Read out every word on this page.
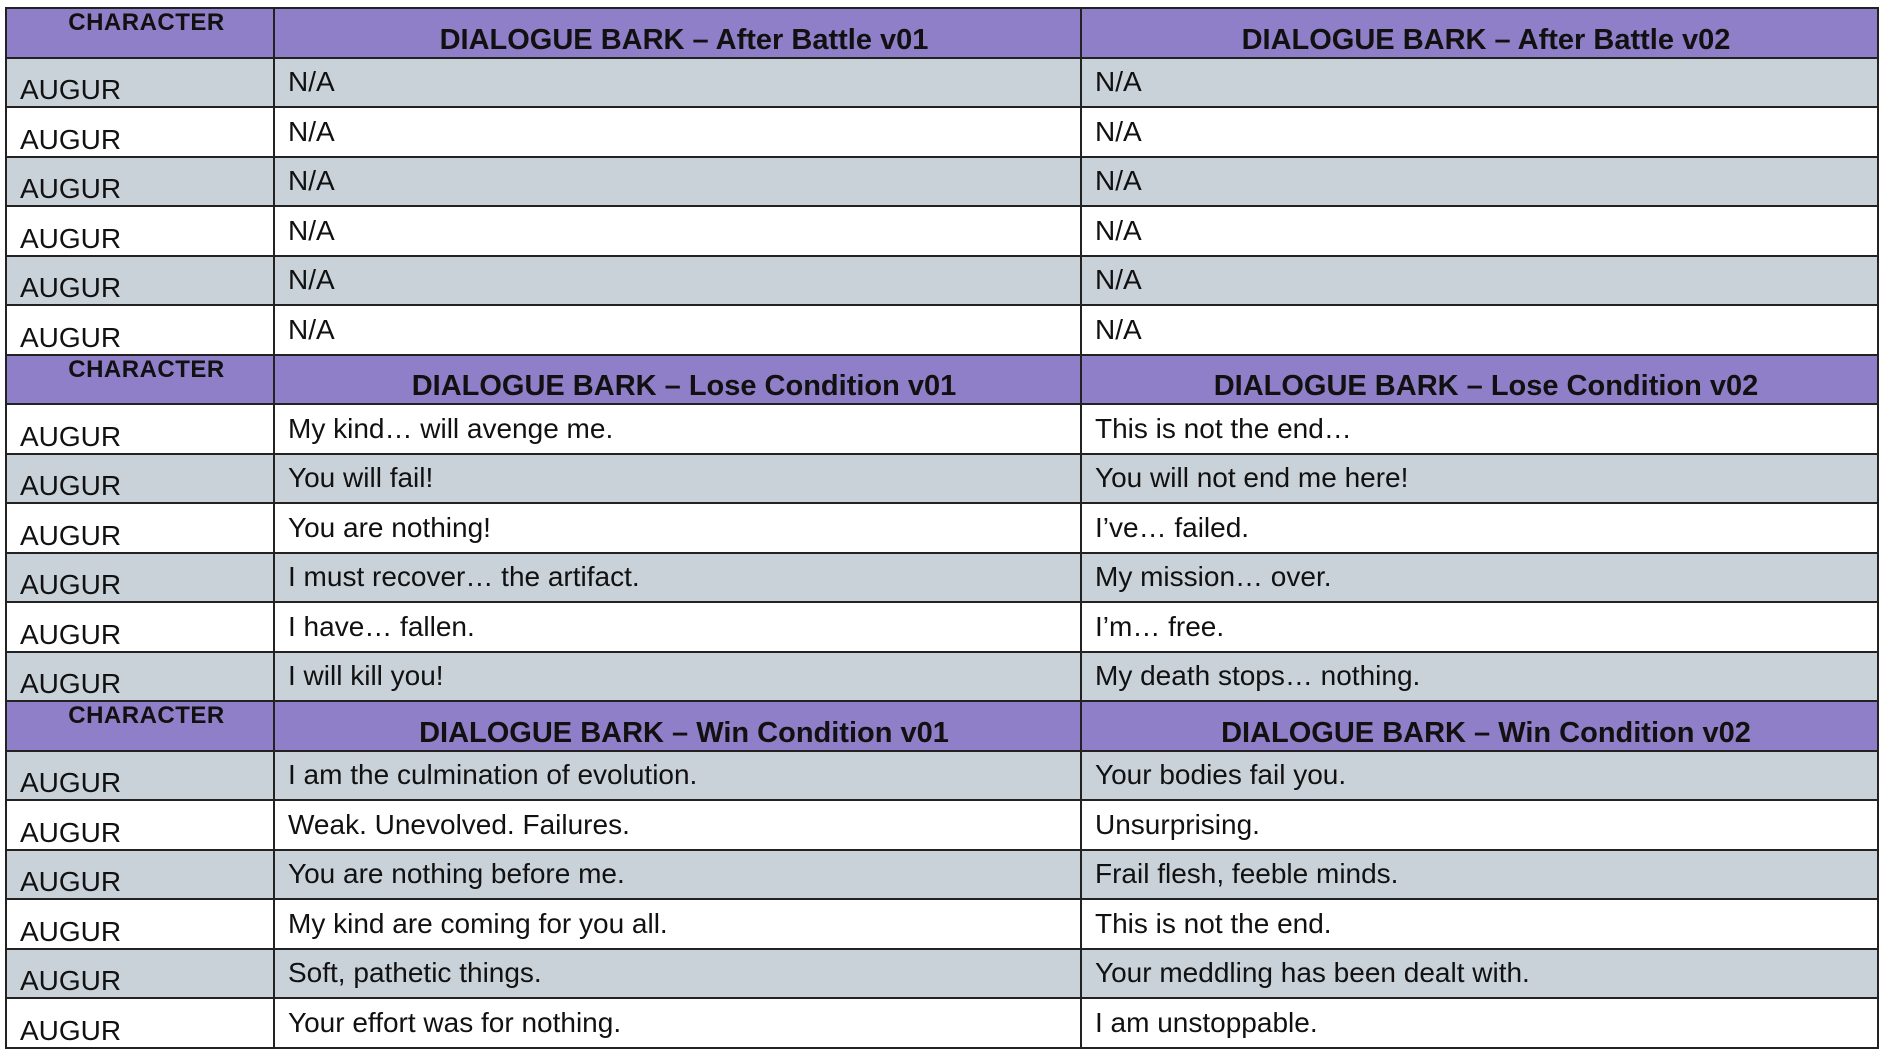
CHARACTER	DIALOGUE BARK – After Battle v01	DIALOGUE BARK – After Battle v02
AUGUR	N/A	N/A
AUGUR	N/A	N/A
AUGUR	N/A	N/A
AUGUR	N/A	N/A
AUGUR	N/A	N/A
AUGUR	N/A	N/A
CHARACTER	DIALOGUE BARK – Lose Condition v01	DIALOGUE BARK – Lose Condition v02
AUGUR	My kind… will avenge me.	This is not the end…
AUGUR	You will fail!	You will not end me here!
AUGUR	You are nothing!	I’ve… failed.
AUGUR	I must recover… the artifact.	My mission… over.
AUGUR	I have… fallen.	I’m… free.
AUGUR	I will kill you!	My death stops… nothing.
CHARACTER	DIALOGUE BARK – Win Condition v01	DIALOGUE BARK – Win Condition v02
AUGUR	I am the culmination of evolution.	Your bodies fail you.
AUGUR	Weak. Unevolved. Failures.	Unsurprising.
AUGUR	You are nothing before me.	Frail flesh, feeble minds.
AUGUR	My kind are coming for you all.	This is not the end.
AUGUR	Soft, pathetic things.	Your meddling has been dealt with.
AUGUR	Your effort was for nothing.	I am unstoppable.
